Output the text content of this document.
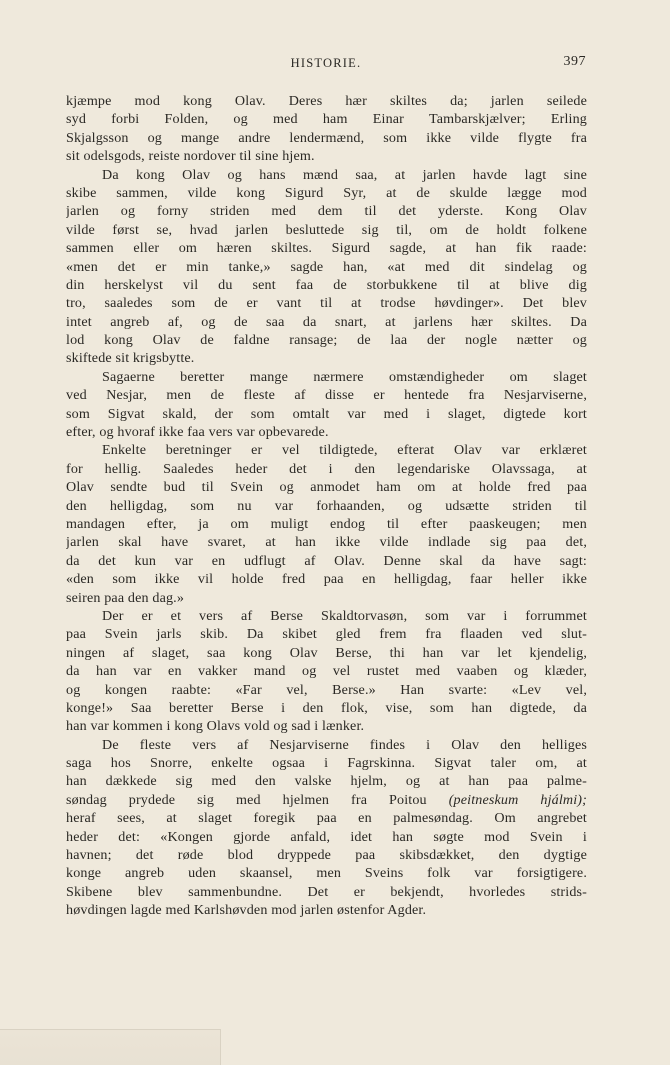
HISTORIE.	397
kjæmpe mod kong Olav. Deres hær skiltes da; jarlen seilede
syd forbi Folden, og med ham Einar Tambarskjælver; Erling
Skjalgsson og mange andre lendermænd, som ikke vilde flygte fra
sit odelsgods, reiste nordover til sine hjem.
Da kong Olav og hans mænd saa, at jarlen havde lagt sine
skibe sammen, vilde kong Sigurd Syr, at de skulde lægge mod
jarlen og forny striden med dem til det yderste. Kong Olav
vilde først se, hvad jarlen besluttede sig til, om de holdt folkene
sammen eller om hæren skiltes. Sigurd sagde, at han fik raade:
«men det er min tanke,» sagde han, «at med dit sindelag og
din herskelyst vil du sent faa de storbukkene til at blive dig
tro, saaledes som de er vant til at trodse høvdinger». Det blev
intet angreb af, og de saa da snart, at jarlens hær skiltes. Da
lod kong Olav de faldne ransage; de laa der nogle nætter og
skiftede sit krigsbytte.
Sagaerne beretter mange nærmere omstændigheder om slaget
ved Nesjar, men de fleste af disse er hentede fra Nesjarviserne,
som Sigvat skald, der som omtalt var med i slaget, digtede kort
efter, og hvoraf ikke faa vers var opbevarede.
Enkelte beretninger er vel tildigtede, efterat Olav var erklæret
for hellig. Saaledes heder det i den legendariske Olavssaga, at
Olav sendte bud til Svein og anmodet ham om at holde fred paa
den helligdag, som nu var forhaanden, og udsætte striden til
mandagen efter, ja om muligt endog til efter paaskeugen; men
jarlen skal have svaret, at han ikke vilde indlade sig paa det,
da det kun var en udflugt af Olav. Denne skal da have sagt:
«den som ikke vil holde fred paa en helligdag, faar heller ikke
seiren paa den dag.»
Der er et vers af Berse Skaldtorvasøn, som var i forrummet
paa Svein jarls skib. Da skibet gled frem fra flaaden ved slut-
ningen af slaget, saa kong Olav Berse, thi han var let kjendelig,
da han var en vakker mand og vel rustet med vaaben og klæder,
og kongen raabte: «Far vel, Berse.» Han svarte: «Lev vel,
konge!» Saa beretter Berse i den flok, vise, som han digtede, da
han var kommen i kong Olavs vold og sad i lænker.
De fleste vers af Nesjarviserne findes i Olav den helliges
saga hos Snorre, enkelte ogsaa i Fagrskinna. Sigvat taler om, at
han dækkede sig med den valske hjelm, og at han paa palme-
søndag prydede sig med hjelmen fra Poitou (peitneskum hjálmi);
heraf sees, at slaget foregik paa en palmesøndag. Om angrebet
heder det: «Kongen gjorde anfald, idet han søgte mod Svein i
havnen; det røde blod dryppede paa skibsdækket, den dygtige
konge angreb uden skaansel, men Sveins folk var forsigtigere.
Skibene blev sammenbundne. Det er bekjendt, hvorledes strids-
høvdingen lagde med Karlshøvden mod jarlen østenfor Agder.
